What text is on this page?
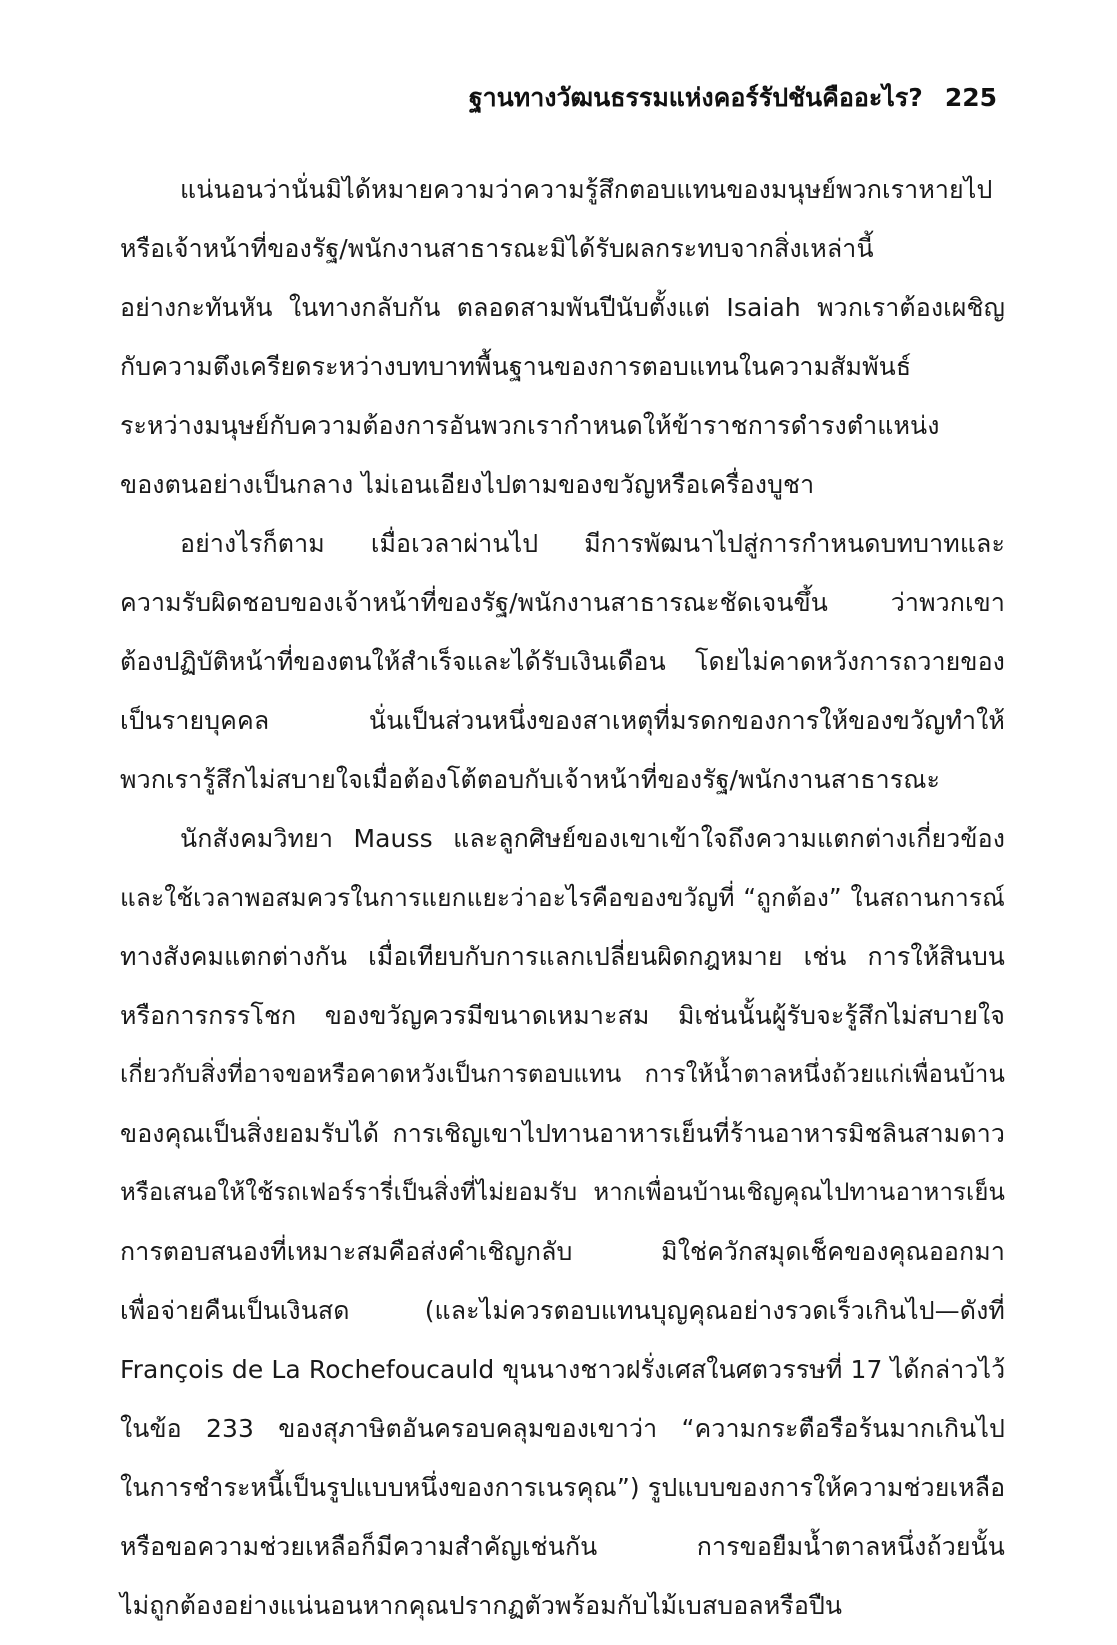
ฐานทางวัฒนธรรมแห่งคอร์รัปชันคืออะไร? 225
แน่นอนว่านั่นมิได้หมายความว่าความรู้สึกตอบแทนของมนุษย์พวกเราหายไป
หรือเจ้าหน้าที่ของรัฐ/พนักงานสาธารณะมิได้รับผลกระทบจากสิ่งเหล่านี้
อย่างกะทันหัน ในทางกลับกัน ตลอดสามพันปีนับตั้งแต่ Isaiah พวกเราต้องเผชิญ
กับความตึงเครียดระหว่างบทบาทพื้นฐานของการตอบแทนในความสัมพันธ์
ระหว่างมนุษย์กับความต้องการอันพวกเรากำหนดให้ข้าราชการดำรงตำแหน่ง
ของตนอย่างเป็นกลาง ไม่เอนเอียงไปตามของขวัญหรือเครื่องบูชา
อย่างไรก็ตาม เมื่อเวลาผ่านไป มีการพัฒนาไปสู่การกำหนดบทบาทและ
ความรับผิดชอบของเจ้าหน้าที่ของรัฐ/พนักงานสาธารณะชัดเจนขึ้น ว่าพวกเขา
ต้องปฏิบัติหน้าที่ของตนให้สำเร็จและได้รับเงินเดือน โดยไม่คาดหวังการถวายของ
เป็นรายบุคคล นั่นเป็นส่วนหนึ่งของสาเหตุที่มรดกของการให้ของขวัญทำให้
พวกเรารู้สึกไม่สบายใจเมื่อต้องโต้ตอบกับเจ้าหน้าที่ของรัฐ/พนักงานสาธารณะ
นักสังคมวิทยา Mauss และลูกศิษย์ของเขาเข้าใจถึงความแตกต่างเกี่ยวข้อง
และใช้เวลาพอสมควรในการแยกแยะว่าอะไรคือของขวัญที่ “ถูกต้อง” ในสถานการณ์
ทางสังคมแตกต่างกัน เมื่อเทียบกับการแลกเปลี่ยนผิดกฎหมาย เช่น การให้สินบน
หรือการกรรโชก ของขวัญควรมีขนาดเหมาะสม มิเช่นนั้นผู้รับจะรู้สึกไม่สบายใจ
เกี่ยวกับสิ่งที่อาจขอหรือคาดหวังเป็นการตอบแทน การให้น้ำตาลหนึ่งถ้วยแก่เพื่อนบ้าน
ของคุณเป็นสิ่งยอมรับได้ การเชิญเขาไปทานอาหารเย็นที่ร้านอาหารมิชลินสามดาว
หรือเสนอให้ใช้รถเฟอร์รารี่เป็นสิ่งที่ไม่ยอมรับ หากเพื่อนบ้านเชิญคุณไปทานอาหารเย็น
การตอบสนองที่เหมาะสมคือส่งคำเชิญกลับ มิใช่ควักสมุดเช็คของคุณออกมา
เพื่อจ่ายคืนเป็นเงินสด (และไม่ควรตอบแทนบุญคุณอย่างรวดเร็วเกินไป—ดังที่
François de La Rochefoucauld ขุนนางชาวฝรั่งเศสในศตวรรษที่ 17 ได้กล่าวไว้
ในข้อ 233 ของสุภาษิตอันครอบคลุมของเขาว่า “ความกระตือรือร้นมากเกินไป
ในการชำระหนี้เป็นรูปแบบหนึ่งของการเนรคุณ”) รูปแบบของการให้ความช่วยเหลือ
หรือขอความช่วยเหลือก็มีความสำคัญเช่นกัน การขอยืมน้ำตาลหนึ่งถ้วยนั้น
ไม่ถูกต้องอย่างแน่นอนหากคุณปรากฏตัวพร้อมกับไม้เบสบอลหรือปืน
